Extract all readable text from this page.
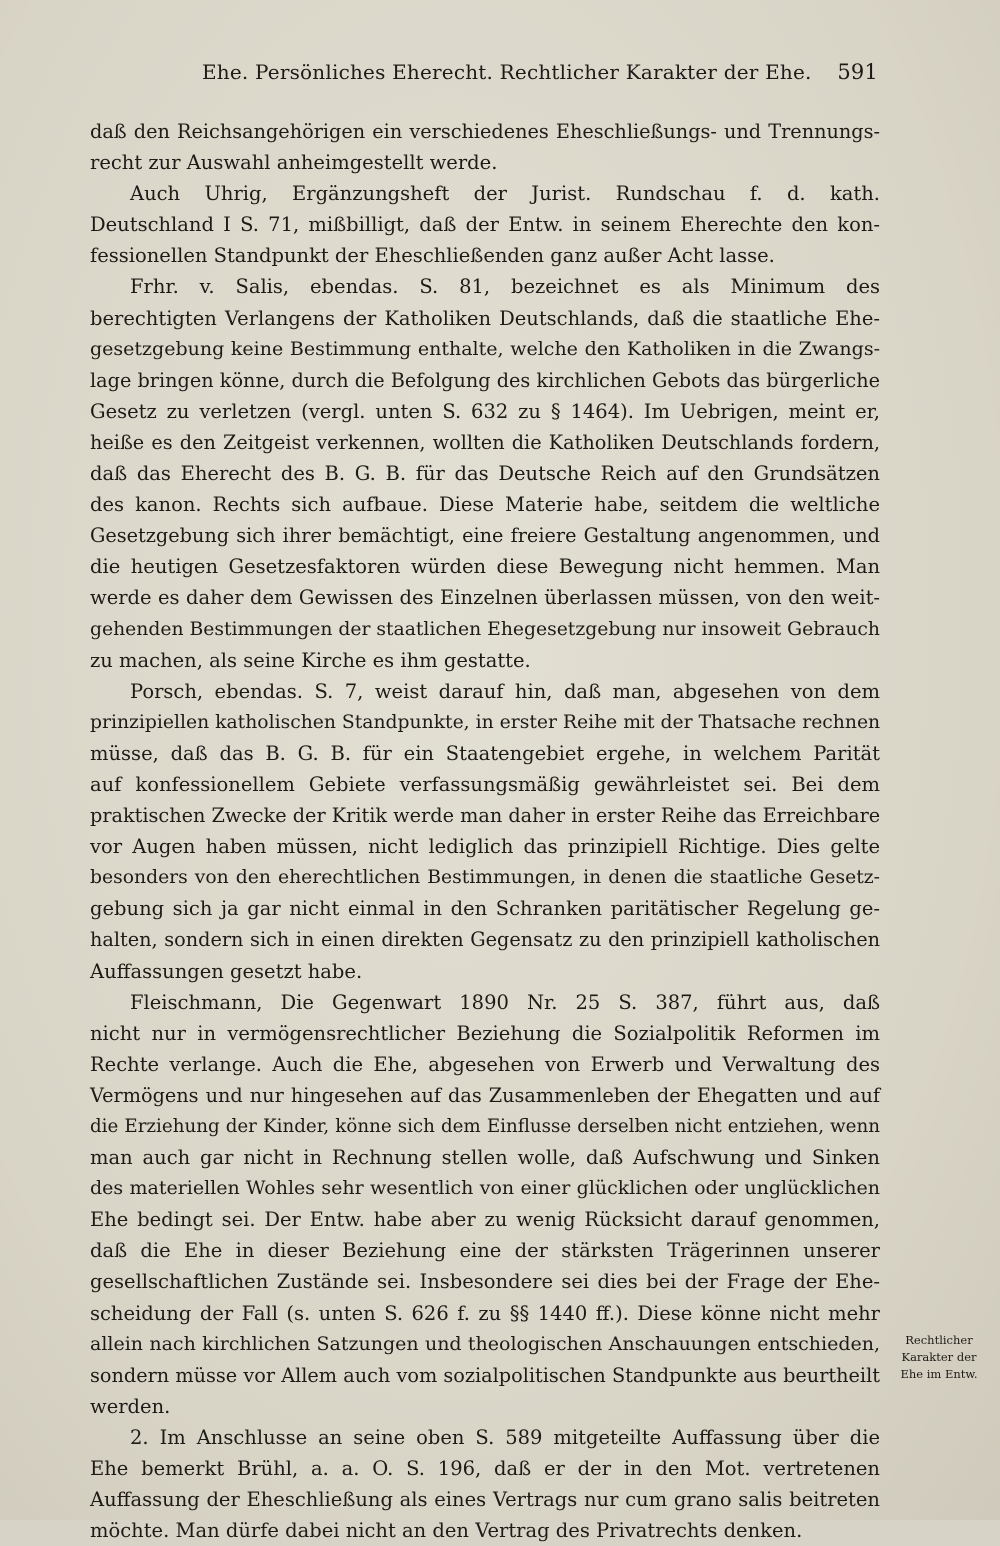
Ehe. Persönliches Eherecht. Rechtlicher Karakter der Ehe. 591
daß den Reichsangehörigen ein verschiedenes Eheschließungs- und Trennungs-
recht zur Auswahl anheimgestellt werde.
Auch Uhrig, Ergänzungsheft der Jurist. Rundschau f. d. kath.
Deutschland I S. 71, mißbilligt, daß der Entw. in seinem Eherechte den kon-
fessionellen Standpunkt der Eheschließenden ganz außer Acht lasse.
Frhr. v. Salis, ebendas. S. 81, bezeichnet es als Minimum des
berechtigten Verlangens der Katholiken Deutschlands, daß die staatliche Ehe-
gesetzgebung keine Bestimmung enthalte, welche den Katholiken in die Zwangs-
lage bringen könne, durch die Befolgung des kirchlichen Gebots das bürgerliche
Gesetz zu verletzen (vergl. unten S. 632 zu § 1464). Im Uebrigen, meint er,
heiße es den Zeitgeist verkennen, wollten die Katholiken Deutschlands fordern,
daß das Eherecht des B. G. B. für das Deutsche Reich auf den Grundsätzen
des kanon. Rechts sich aufbaue. Diese Materie habe, seitdem die weltliche
Gesetzgebung sich ihrer bemächtigt, eine freiere Gestaltung angenommen, und
die heutigen Gesetzesfaktoren würden diese Bewegung nicht hemmen. Man
werde es daher dem Gewissen des Einzelnen überlassen müssen, von den weit-
gehenden Bestimmungen der staatlichen Ehegesetzgebung nur insoweit Gebrauch
zu machen, als seine Kirche es ihm gestatte.
Porsch, ebendas. S. 7, weist darauf hin, daß man, abgesehen von dem
prinzipiellen katholischen Standpunkte, in erster Reihe mit der Thatsache rechnen
müsse, daß das B. G. B. für ein Staatengebiet ergehe, in welchem Parität
auf konfessionellem Gebiete verfassungsmäßig gewährleistet sei. Bei dem
praktischen Zwecke der Kritik werde man daher in erster Reihe das Erreichbare
vor Augen haben müssen, nicht lediglich das prinzipiell Richtige. Dies gelte
besonders von den eherechtlichen Bestimmungen, in denen die staatliche Gesetz-
gebung sich ja gar nicht einmal in den Schranken paritätischer Regelung ge-
halten, sondern sich in einen direkten Gegensatz zu den prinzipiell katholischen
Auffassungen gesetzt habe.
Fleischmann, Die Gegenwart 1890 Nr. 25 S. 387, führt aus, daß
nicht nur in vermögensrechtlicher Beziehung die Sozialpolitik Reformen im
Rechte verlange. Auch die Ehe, abgesehen von Erwerb und Verwaltung des
Vermögens und nur hingesehen auf das Zusammenleben der Ehegatten und auf
die Erziehung der Kinder, könne sich dem Einflusse derselben nicht entziehen, wenn
man auch gar nicht in Rechnung stellen wolle, daß Aufschwung und Sinken
des materiellen Wohles sehr wesentlich von einer glücklichen oder unglücklichen
Ehe bedingt sei. Der Entw. habe aber zu wenig Rücksicht darauf genommen,
daß die Ehe in dieser Beziehung eine der stärksten Trägerinnen unserer
gesellschaftlichen Zustände sei. Insbesondere sei dies bei der Frage der Ehe-
scheidung der Fall (s. unten S. 626 f. zu §§ 1440 ff.). Diese könne nicht mehr
allein nach kirchlichen Satzungen und theologischen Anschauungen entschieden,
sondern müsse vor Allem auch vom sozialpolitischen Standpunkte aus beurtheilt
werden.
2. Im Anschlusse an seine oben S. 589 mitgeteilte Auffassung über die
Ehe bemerkt Brühl, a. a. O. S. 196, daß er der in den Mot. vertretenen
Auffassung der Eheschließung als eines Vertrags nur cum grano salis beitreten
möchte. Man dürfe dabei nicht an den Vertrag des Privatrechts denken.
Rechtlicher
Karakter der
Ehe im Entw.
